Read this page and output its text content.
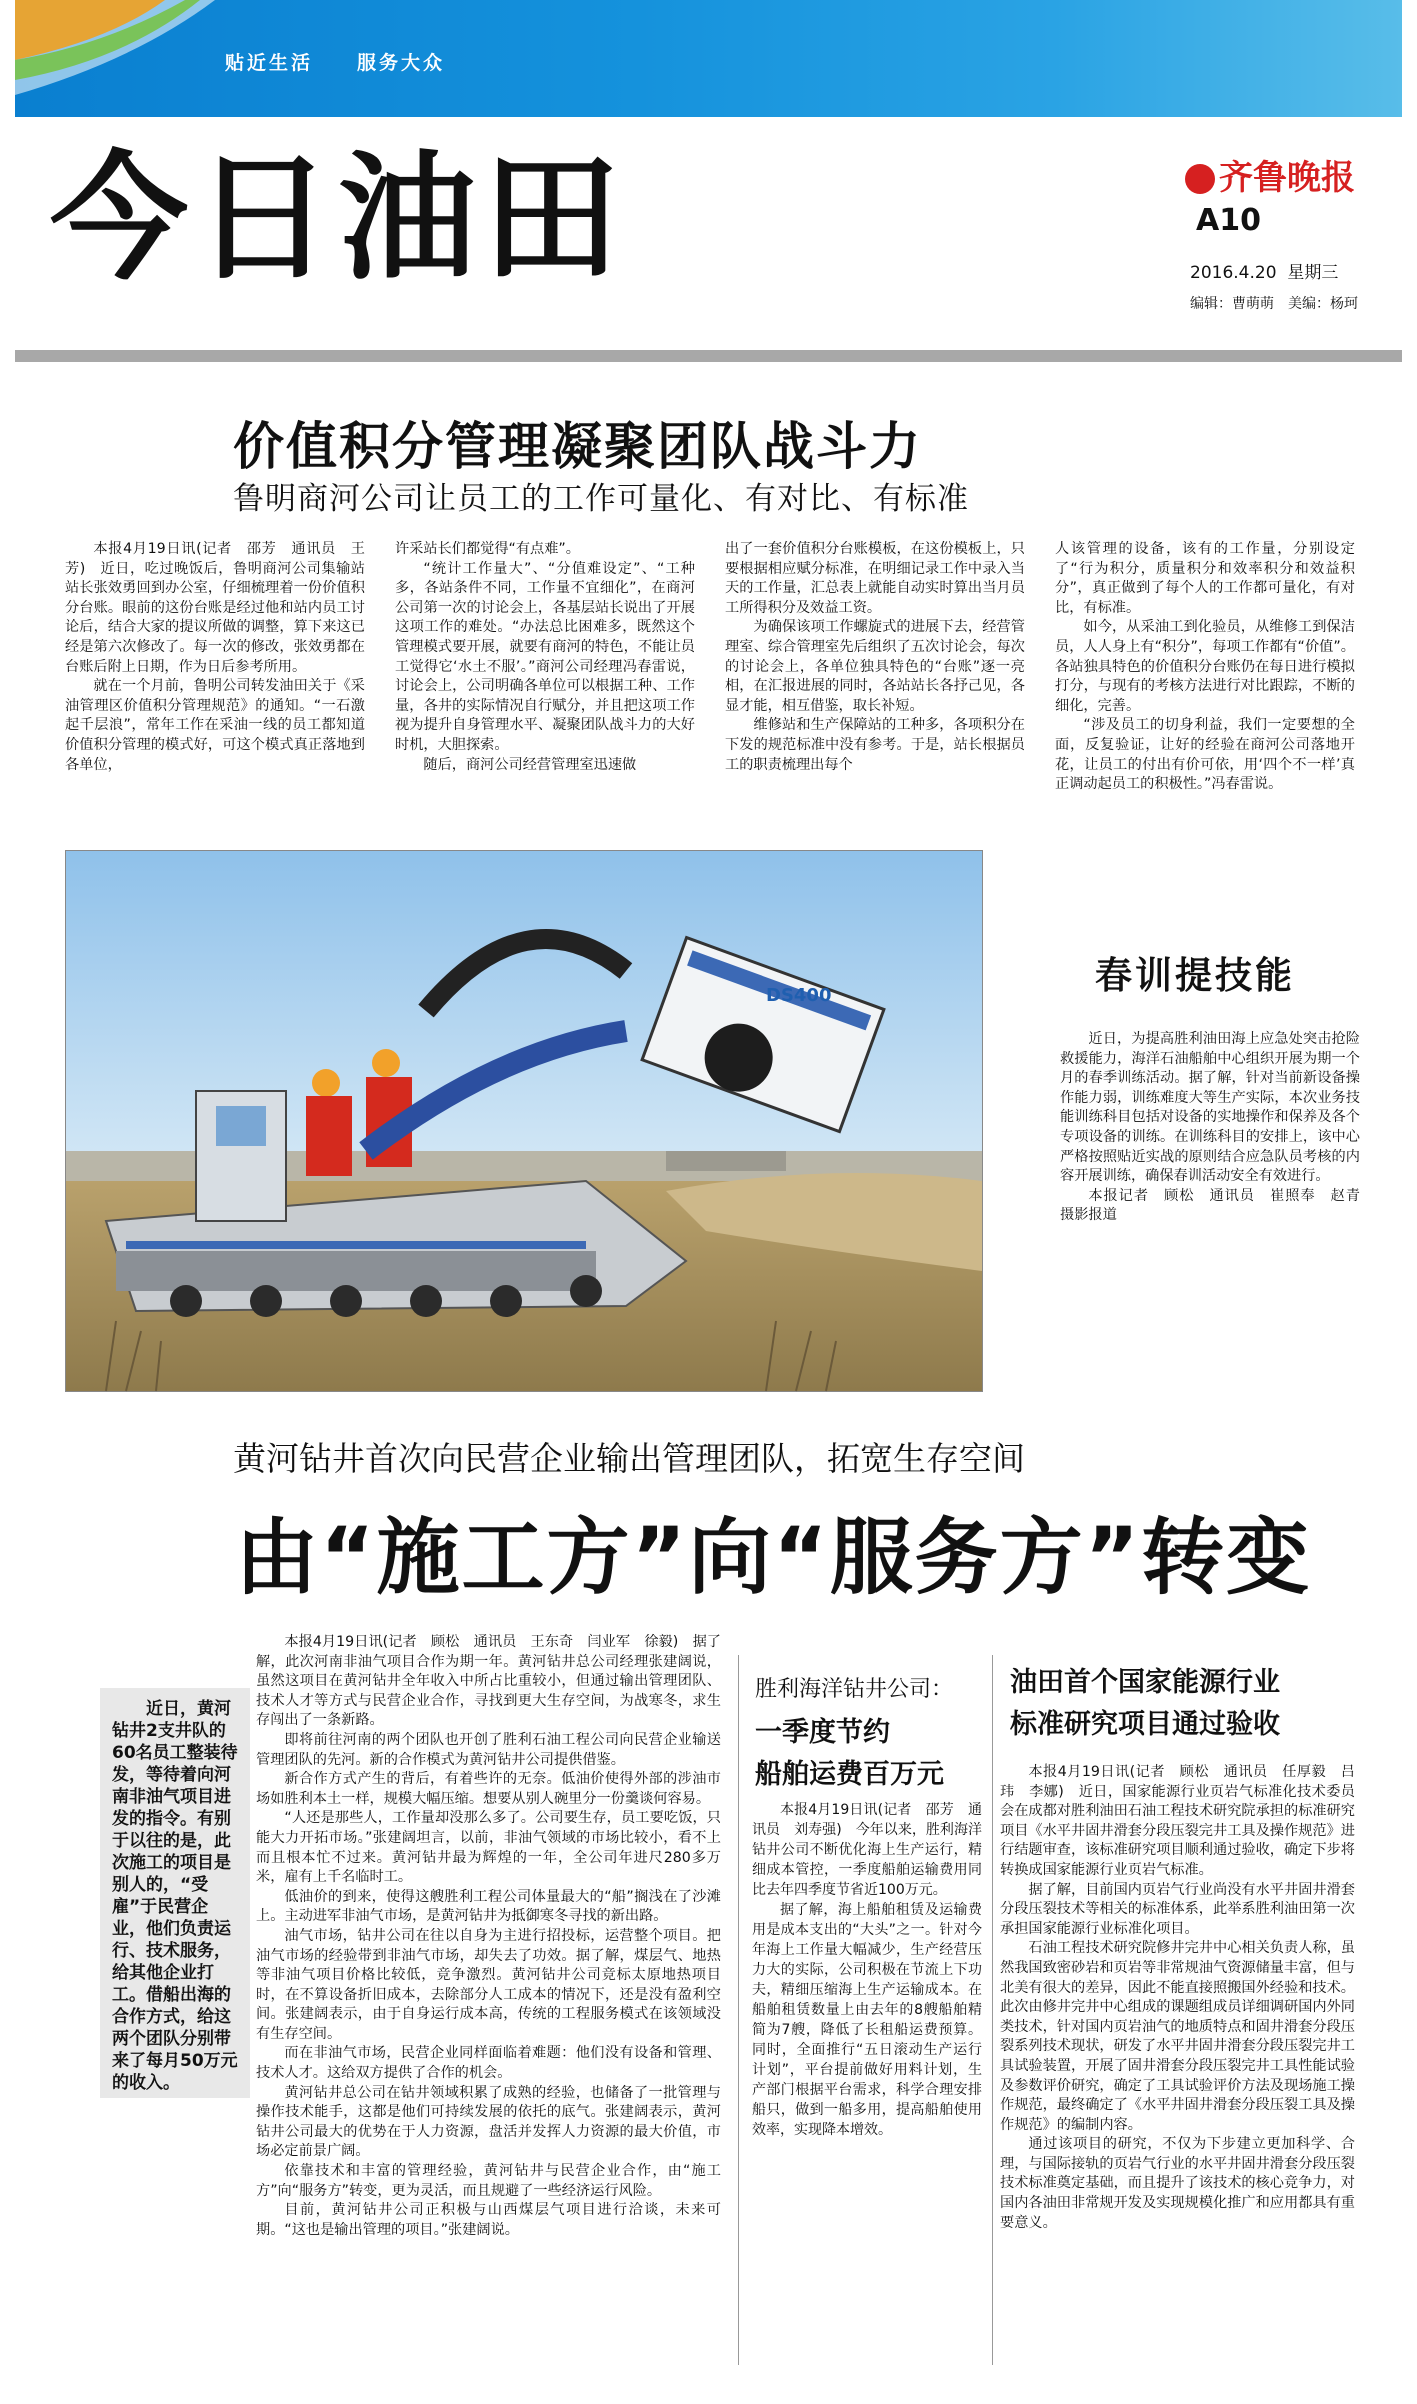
贴近生活 服务大众
今日油田	齐鲁晚报
A10
2016.4.20 星期三
编辑：曹萌萌　美编：杨珂
价值积分管理凝聚团队战斗力
鲁明商河公司让员工的工作可量化、有对比、有标准

本报4月19日讯(记者　邵芳　通讯员　王芳)　近日，吃过晚饭后，鲁明商河公司集输站站长张效勇回到办公室，仔细梳理着一份价值积分台账。眼前的这份台账是经过他和站内员工讨论后，结合大家的提议所做的调整，算下来这已经是第六次修改了。每一次的修改，张效勇都在台账后附上日期，作为日后参考所用。

就在一个月前，鲁明公司转发油田关于《采油管理区价值积分管理规范》的通知。“一石激起千层浪”，常年工作在采油一线的员工都知道价值积分管理的模式好，可这个模式真正落地到各单位，

许采站长们都觉得“有点难”。

“统计工作量大”、“分值难设定”、“工种多，各站条件不同，工作量不宜细化”，在商河公司第一次的讨论会上，各基层站长说出了开展这项工作的难处。“办法总比困难多，既然这个管理模式要开展，就要有商河的特色，不能让员工觉得它‘水土不服’。”商河公司经理冯春雷说，讨论会上，公司明确各单位可以根据工种、工作量，各井的实际情况自行赋分，并且把这项工作视为提升自身管理水平、凝聚团队战斗力的大好时机，大胆探索。

随后，商河公司经营管理室迅速做

出了一套价值积分台账模板，在这份模板上，只要根据相应赋分标准，在明细记录工作中录入当天的工作量，汇总表上就能自动实时算出当月员工所得积分及效益工资。

为确保该项工作螺旋式的进展下去，经营管理室、综合管理室先后组织了五次讨论会，每次的讨论会上，各单位独具特色的“台账”逐一亮相，在汇报进展的同时，各站站长各抒己见，各显才能，相互借鉴，取长补短。

维修站和生产保障站的工种多，各项积分在下发的规范标准中没有参考。于是，站长根据员工的职责梳理出每个

人该管理的设备，该有的工作量，分别设定了“行为积分，质量积分和效率积分和效益积分”，真正做到了每个人的工作都可量化，有对比，有标准。

如今，从采油工到化验员，从维修工到保洁员，人人身上有“积分”，每项工作都有“价值”。各站独具特色的价值积分台账仍在每日进行模拟打分，与现有的考核方法进行对比跟踪，不断的细化，完善。

“涉及员工的切身利益，我们一定要想的全面，反复验证，让好的经验在商河公司落地开花，让员工的付出有价可依，用‘四个不一样’真正调动起员工的积极性。”冯春雷说。

DS400	春训提技能

近日，为提高胜利油田海上应急处突击抢险救援能力，海洋石油船舶中心组织开展为期一个月的春季训练活动。据了解，针对当前新设备操作能力弱，训练难度大等生产实际，本次业务技能训练科目包括对设备的实地操作和保养及各个专项设备的训练。在训练科目的安排上，该中心严格按照贴近实战的原则结合应急队员考核的内容开展训练，确保春训活动安全有效进行。

本报记者　顾松　通讯员　崔照奉　赵青　摄影报道

黄河钻井首次向民营企业输出管理团队，拓宽生存空间
由“施工方”向“服务方”转变

近日，黄河钻井2支井队的60名员工整装待发，等待着向河南非油气项目进发的指令。有别于以往的是，此次施工的项目是别人的，“受雇”于民营企业，他们负责运行、技术服务，给其他企业打工。借船出海的合作方式，给这两个团队分别带来了每月50万元的收入。

本报4月19日讯(记者　顾松　通讯员　王东奇　闫业军　徐毅)　据了解，此次河南非油气项目合作为期一年。黄河钻井总公司经理张建阔说，虽然这项目在黄河钻井全年收入中所占比重较小，但通过输出管理团队、技术人才等方式与民营企业合作，寻找到更大生存空间，为战寒冬，求生存闯出了一条新路。

即将前往河南的两个团队也开创了胜利石油工程公司向民营企业输送管理团队的先河。新的合作模式为黄河钻井公司提供借鉴。

新合作方式产生的背后，有着些许的无奈。低油价使得外部的涉油市场如胜利本土一样，规模大幅压缩。想要从别人碗里分一份羹谈何容易。

“人还是那些人，工作量却没那么多了。公司要生存，员工要吃饭，只能大力开拓市场。”张建阔坦言，以前，非油气领域的市场比较小，看不上而且根本忙不过来。黄河钻井最为辉煌的一年，全公司年进尺280多万米，雇有上千名临时工。

低油价的到来，使得这艘胜利工程公司体量最大的“船”搁浅在了沙滩上。主动进军非油气市场，是黄河钻井为抵御寒冬寻找的新出路。

油气市场，钻井公司在往以自身为主进行招投标，运营整个项目。把油气市场的经验带到非油气市场，却失去了功效。据了解，煤层气、地热等非油气项目价格比较低，竞争激烈。黄河钻井公司竞标太原地热项目时，在不算设备折旧成本，去除部分人工成本的情况下，还是没有盈利空间。张建阔表示，由于自身运行成本高，传统的工程服务模式在该领域没有生存空间。

而在非油气市场，民营企业同样面临着难题：他们没有设备和管理、技术人才。这给双方提供了合作的机会。

黄河钻井总公司在钻井领域积累了成熟的经验，也储备了一批管理与操作技术能手，这都是他们可持续发展的依托的底气。张建阔表示，黄河钻井公司最大的优势在于人力资源，盘活并发挥人力资源的最大价值，市场必定前景广阔。

依靠技术和丰富的管理经验，黄河钻井与民营企业合作，由“施工方”向“服务方”转变，更为灵活，而且规避了一些经济运行风险。

目前，黄河钻井公司正积极与山西煤层气项目进行洽谈，未来可期。“这也是输出管理的项目。”张建阔说。

胜利海洋钻井公司：
一季度节约
船舶运费百万元

本报4月19日讯(记者　邵芳　通讯员　刘寿强)　今年以来，胜利海洋钻井公司不断优化海上生产运行，精细成本管控，一季度船舶运输费用同比去年四季度节省近100万元。

据了解，海上船舶租赁及运输费用是成本支出的“大头”之一。针对今年海上工作量大幅减少，生产经营压力大的实际，公司积极在节流上下功夫，精细压缩海上生产运输成本。在船舶租赁数量上由去年的8艘船舶精简为7艘，降低了长租船运费预算。同时，全面推行“五日滚动生产运行计划”，平台提前做好用料计划，生产部门根据平台需求，科学合理安排船只，做到一船多用，提高船舶使用效率，实现降本增效。

油田首个国家能源行业
标准研究项目通过验收

本报4月19日讯(记者　顾松　通讯员　任厚毅　吕玮　李娜)　近日，国家能源行业页岩气标准化技术委员会在成都对胜利油田石油工程技术研究院承担的标准研究项目《水平井固井滑套分段压裂完井工具及操作规范》进行结题审查，该标准研究项目顺利通过验收，确定下步将转换成国家能源行业页岩气标准。

据了解，目前国内页岩气行业尚没有水平井固井滑套分段压裂技术等相关的标准体系，此举系胜利油田第一次承担国家能源行业标准化项目。

石油工程技术研究院修井完井中心相关负责人称，虽然我国致密砂岩和页岩等非常规油气资源储量丰富，但与北美有很大的差异，因此不能直接照搬国外经验和技术。此次由修井完井中心组成的课题组成员详细调研国内外同类技术，针对国内页岩油气的地质特点和固井滑套分段压裂系列技术现状，研发了水平井固井滑套分段压裂完井工具试验装置，开展了固井滑套分段压裂完井工具性能试验及参数评价研究，确定了工具试验评价方法及现场施工操作规范，最终确定了《水平井固井滑套分段压裂工具及操作规范》的编制内容。

通过该项目的研究，不仅为下步建立更加科学、合理，与国际接轨的页岩气行业的水平井固井滑套分段压裂技术标准奠定基础，而且提升了该技术的核心竞争力，对国内各油田非常规开发及实现规模化推广和应用都具有重要意义。
